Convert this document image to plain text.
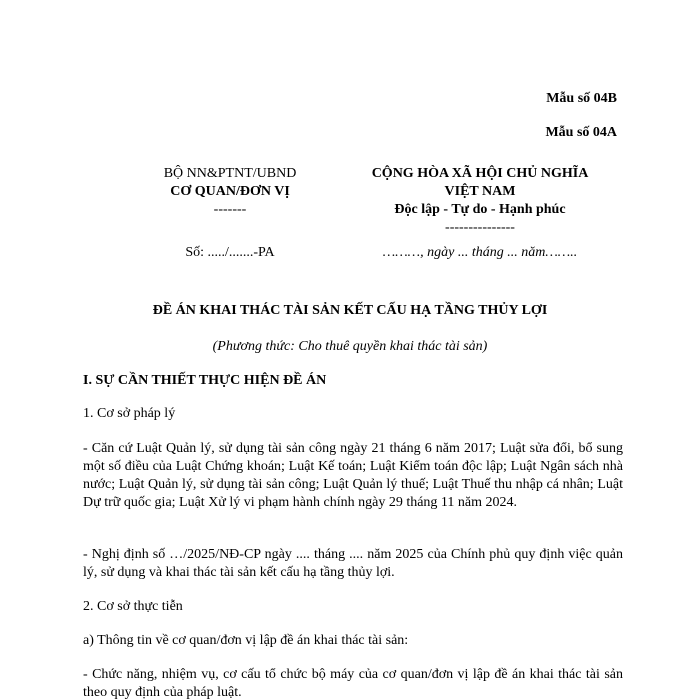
Mẫu số 04B
Mẫu số 04A
BỘ NN&PTNT/UBND
CƠ QUAN/ĐƠN VỊ
-------
CỘNG HÒA XÃ HỘI CHỦ NGHĨA
VIỆT NAM
Độc lập - Tự do - Hạnh phúc
---------------
Số: ...../.......-PA	………, ngày ... tháng ... năm……..
ĐỀ ÁN KHAI THÁC TÀI SẢN KẾT CẤU HẠ TẦNG THỦY LỢI
(Phương thức: Cho thuê quyền khai thác tài sản)
I. SỰ CẦN THIẾT THỰC HIỆN ĐỀ ÁN
1. Cơ sở pháp lý
- Căn cứ Luật Quản lý, sử dụng tài sản công ngày 21 tháng 6 năm 2017; Luật sửa đổi, bổ sung một số điều của Luật Chứng khoán; Luật Kế toán; Luật Kiểm toán độc lập; Luật Ngân sách nhà nước; Luật Quản lý, sử dụng tài sản công; Luật Quản lý thuế; Luật Thuế thu nhập cá nhân; Luật Dự trữ quốc gia; Luật Xử lý vi phạm hành chính ngày 29 tháng 11 năm 2024.
- Nghị định số …/2025/NĐ-CP ngày .... tháng .... năm 2025 của Chính phủ quy định việc quản lý, sử dụng và khai thác tài sản kết cấu hạ tầng thủy lợi.
2. Cơ sở thực tiễn
a) Thông tin về cơ quan/đơn vị lập đề án khai thác tài sản:
- Chức năng, nhiệm vụ, cơ cấu tổ chức bộ máy của cơ quan/đơn vị lập đề án khai thác tài sản theo quy định của pháp luật.
